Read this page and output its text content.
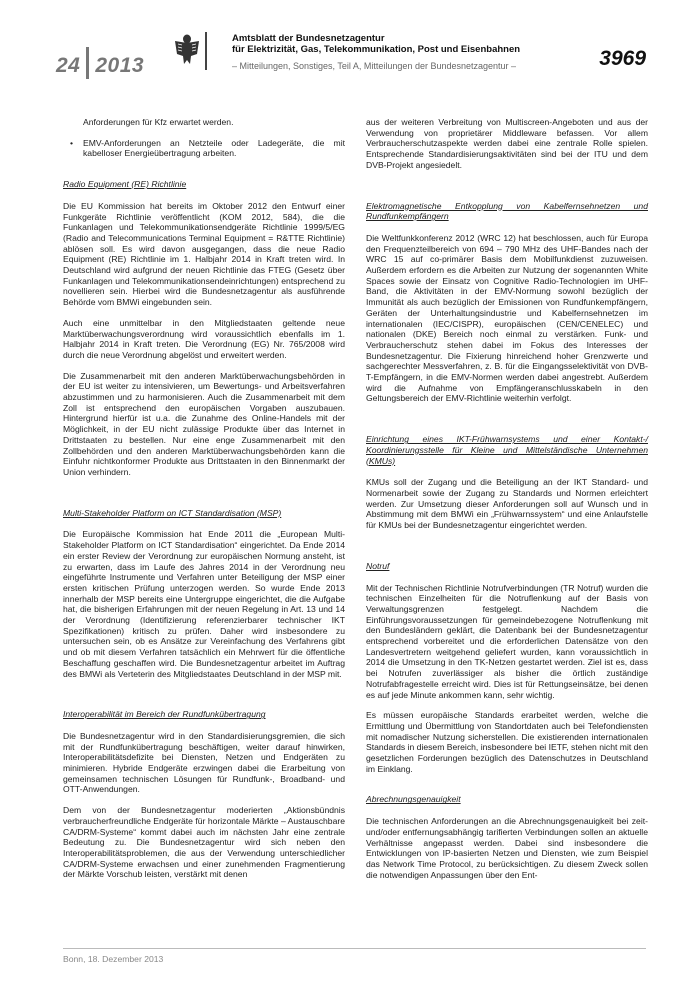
24 2013
Amtsblatt der Bundesnetzagentur
für Elektrizität, Gas, Telekommunikation, Post und Eisenbahnen
– Mitteilungen, Sonstiges, Teil A, Mitteilungen der Bundesnetzagentur –	3969

Anforderungen für Kfz erwartet werden.

• EMV-Anforderungen an Netzteile oder Ladegeräte, die mit kabelloser Energieübertragung arbeiten.

Radio Equipment (RE) Richtlinie

Die EU Kommission hat bereits im Oktober 2012 den Entwurf einer Funkgeräte Richtlinie veröffentlicht (KOM 2012, 584), die die Funkanlagen und Telekommunikationsendgeräte Richtlinie 1999/5/EG (Radio and Telecommunications Terminal Equipment = R&TTE Richtlinie) ablösen soll. Es wird davon ausgegangen, dass die neue Radio Equipment (RE) Richtlinie im 1. Halbjahr 2014 in Kraft treten wird. In Deutschland wird aufgrund der neuen Richtlinie das FTEG (Gesetz über Funkanlagen und Telekommunikationsendeinrichtungen) entsprechend zu novellieren sein. Hierbei wird die Bundesnetzagentur als ausführende Behörde vom BMWi eingebunden sein.

Auch eine unmittelbar in den Mitgliedstaaten geltende neue Marktüberwachungsverordnung wird voraussichtlich ebenfalls im 1. Halbjahr 2014 in Kraft treten. Die Verordnung (EG) Nr. 765/2008 wird durch die neue Verordnung abgelöst und erweitert werden.

Die Zusammenarbeit mit den anderen Marktüberwachungsbehörden in der EU ist weiter zu intensivieren, um Bewertungs- und Arbeitsverfahren abzustimmen und zu harmonisieren. Auch die Zusammenarbeit mit dem Zoll ist entsprechend den europäischen Vorgaben auszubauen. Hintergrund hierfür ist u.a. die Zunahme des Online-Handels mit der Möglichkeit, in der EU nicht zulässige Produkte über das Internet in Drittstaaten zu bestellen. Nur eine enge Zusammenarbeit mit den Zollbehörden und den anderen Marktüberwachungsbehörden kann die Einfuhr nichtkonformer Produkte aus Drittstaaten in den Binnenmarkt der Union verhindern.

Multi-Stakeholder Platform on ICT Standardisation (MSP)

Die Europäische Kommission hat Ende 2011 die „European Multi-Stakeholder Platform on ICT Standardisation“ eingerichtet. Da Ende 2014 ein erster Review der Verordnung zur europäischen Normung ansteht, ist zu erwarten, dass im Laufe des Jahres 2014 in der Verordnung neu eingeführte Instrumente und Verfahren unter Beteiligung der MSP einer ersten kritischen Prüfung unterzogen werden. So wurde Ende 2013 innerhalb der MSP bereits eine Untergruppe eingerichtet, die die Aufgabe hat, die bisherigen Erfahrungen mit der neuen Regelung in Art. 13 und 14 der Verordnung (Identifizierung referenzierbarer technischer IKT Spezifikationen) kritisch zu prüfen. Daher wird insbesondere zu untersuchen sein, ob es Ansätze zur Vereinfachung des Verfahrens gibt und ob mit diesem Verfahren tatsächlich ein Mehrwert für die öffentliche Beschaffung geschaffen wird. Die Bundesnetzagentur arbeitet im Auftrag des BMWi als Verteterin des Mitgliedstaates Deutschland in der MSP mit.

Interoperabilität im Bereich der Rundfunkübertragung

Die Bundesnetzagentur wird in den Standardisierungsgremien, die sich mit der Rundfunkübertragung beschäftigen, weiter darauf hinwirken, Interoperabilitätsdefizite bei Diensten, Netzen und Endgeräten zu minimieren. Hybride Endgeräte erzwingen dabei die Erarbeitung von gemeinsamen technischen Lösungen für Rundfunk-, Broadband- und OTT-Anwendungen.

Dem von der Bundesnetzagentur moderierten „Aktionsbündnis verbraucherfreundliche Endgeräte für horizontale Märkte – Austauschbare CA/DRM-Systeme“ kommt dabei auch im nächsten Jahr eine zentrale Bedeutung zu. Die Bundesnetzagentur wird sich neben den Interoperabilitätsproblemen, die aus der Verwendung unterschiedlicher CA/DRM-Systeme erwachsen und einer zunehmenden Fragmentierung der Märkte Vorschub leisten, verstärkt mit denen

aus der weiteren Verbreitung von Multiscreen-Angeboten und aus der Verwendung von proprietärer Middleware befassen. Vor allem Verbraucherschutzaspekte werden dabei eine zentrale Rolle spielen. Entsprechende Standardisierungsaktivitäten sind bei der ITU und dem DVB-Projekt angesiedelt.

Elektromagnetische Entkopplung von Kabelfernsehnetzen und Rundfunkempfängern

Die Weltfunkkonferenz 2012 (WRC 12) hat beschlossen, auch für Europa den Frequenzteilbereich von 694 – 790 MHz des UHF-Bandes nach der WRC 15 auf co-primärer Basis dem Mobilfunkdienst zuzuweisen. Außerdem erfordern es die Arbeiten zur Nutzung der sogenannten White Spaces sowie der Einsatz von Cognitive Radio-Technologien im UHF-Band, die Aktivitäten in der EMV-Normung sowohl bezüglich der Immunität als auch bezüglich der Emissionen von Rundfunkempfängern, Geräten der Unterhaltungsindustrie und Kabelfernsehnetzen im internationalen (IEC/CISPR), europäischen (CEN/CENELEC) und nationalen (DKE) Bereich noch einmal zu verstärken. Funk- und Verbraucherschutz stehen dabei im Fokus des Interesses der Bundesnetzagentur. Die Fixierung hinreichend hoher Grenzwerte und sachgerechter Messverfahren, z. B. für die Eingangsselektivität von DVB-T-Empfängern, in die EMV-Normen werden dabei angestrebt. Außerdem wird die Aufnahme von Empfängeranschlusskabeln in den Geltungsbereich der EMV-Richtlinie weiterhin verfolgt.

Einrichtung eines IKT-Frühwarnsystems und einer Kontakt-/ Koordinierungsstelle für Kleine und Mittelständische Unternehmen (KMUs)

KMUs soll der Zugang und die Beteiligung an der IKT Standard- und Normenarbeit sowie der Zugang zu Standards und Normen erleichtert werden. Zur Umsetzung dieser Anforderungen soll auf Wunsch und in Abstimmung mit dem BMWi ein „Frühwarnssystem“ und eine Anlaufstelle für KMUs bei der Bundesnetzagentur eingerichtet werden.

Notruf

Mit der Technischen Richtlinie Notrufverbindungen (TR Notruf) wurden die technischen Einzelheiten für die Notruflenkung auf der Basis von Verwaltungsgrenzen festgelegt. Nachdem die Einführungsvoraussetzungen für gemeindebezogene Notruflenkung mit den Bundesländern geklärt, die Datenbank bei der Bundesnetzagentur entsprechend vorbereitet und die erforderlichen Datensätze von den Landesvertretern weitgehend geliefert wurden, kann voraussichtlich in 2014 die Umsetzung in den TK-Netzen gestartet werden. Ziel ist es, dass bei Notrufen zuverlässiger als bisher die örtlich zuständige Notrufabfragestelle erreicht wird. Dies ist für Rettungseinsätze, bei denen es auf jede Minute ankommen kann, sehr wichtig.

Es müssen europäische Standards erarbeitet werden, welche die Ermittlung und Übermittlung von Standortdaten auch bei Telefondiensten mit nomadischer Nutzung sicherstellen. Die existierenden internationalen Standards in diesem Bereich, insbesondere bei IETF, stehen nicht mit den gesetzlichen Forderungen bezüglich des Datenschutzes in Deutschland im Einklang.

Abrechnungsgenauigkeit

Die technischen Anforderungen an die Abrechnungsgenauigkeit bei zeit- und/oder entfernungsabhängig tarifierten Verbindungen sollen an aktuelle Verhältnisse angepasst werden. Dabei sind insbesondere die Entwicklungen von IP-basierten Netzen und Diensten, wie zum Beispiel das Network Time Protocol, zu berücksichtigen. Zu diesem Zweck sollen die notwendigen Anpassungen über den Ent-

Bonn, 18. Dezember 2013
